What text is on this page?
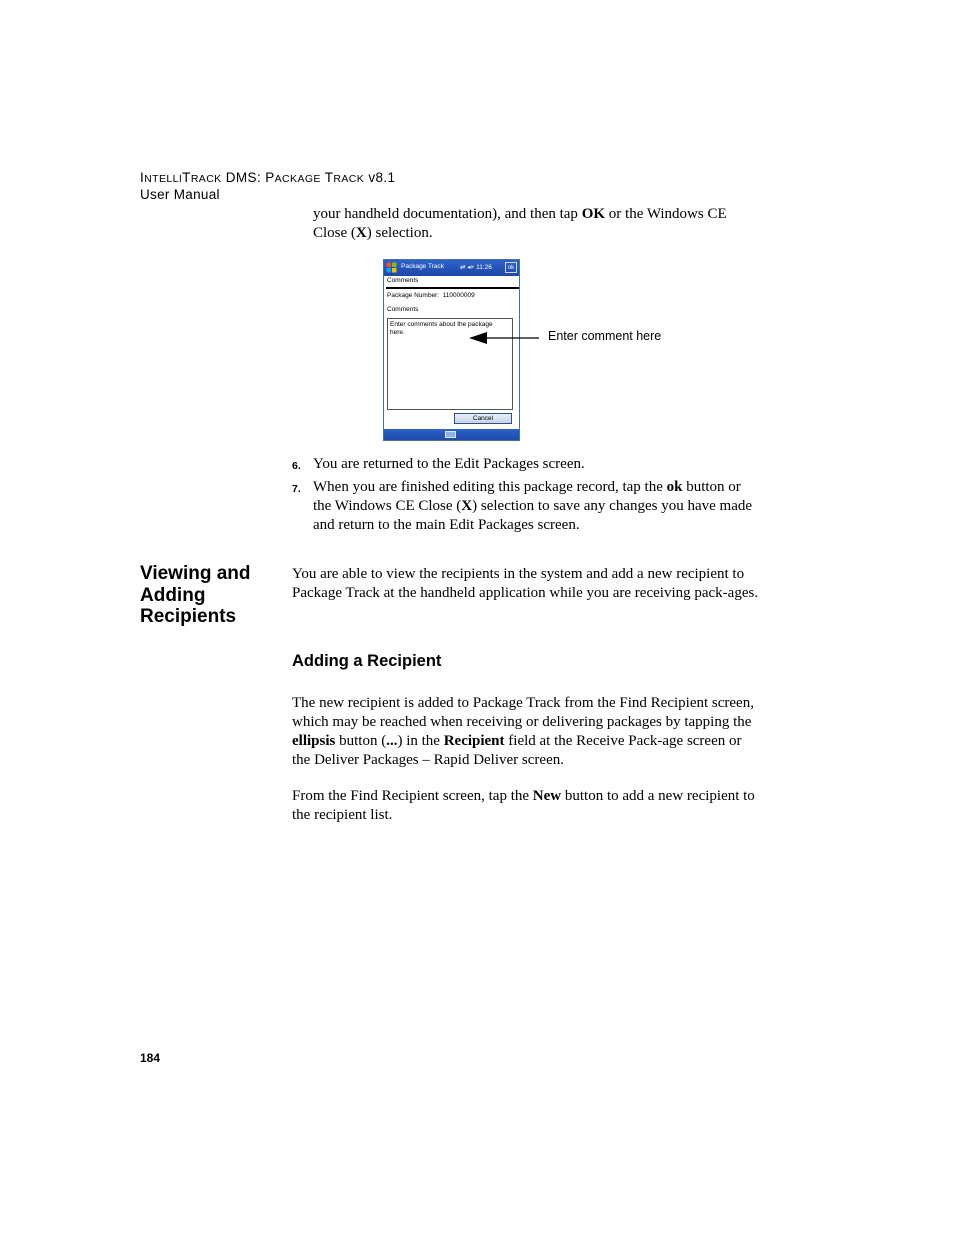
INTELLITRACK DMS: PACKAGE TRACK v8.1
User Manual
your handheld documentation), and then tap OK or the Windows CE Close (X) selection.
Package Track ⇄ ◂× 11:26	ok
Comments
Package Number: 110000009
Comments
Enter comments about the package here.
Cancel
Enter comment here
6. You are returned to the Edit Packages screen.
7. When you are finished editing this package record, tap the ok button or the Windows CE Close (X) selection to save any changes you have made and return to the main Edit Packages screen.
Viewing and
Adding
Recipients
You are able to view the recipients in the system and add a new recipient to Package Track at the handheld application while you are receiving pack-ages.
Adding a Recipient
The new recipient is added to Package Track from the Find Recipient screen, which may be reached when receiving or delivering packages by tapping the ellipsis button (...) in the Recipient field at the Receive Pack-age screen or the Deliver Packages – Rapid Deliver screen.
From the Find Recipient screen, tap the New button to add a new recipient to the recipient list.
184
